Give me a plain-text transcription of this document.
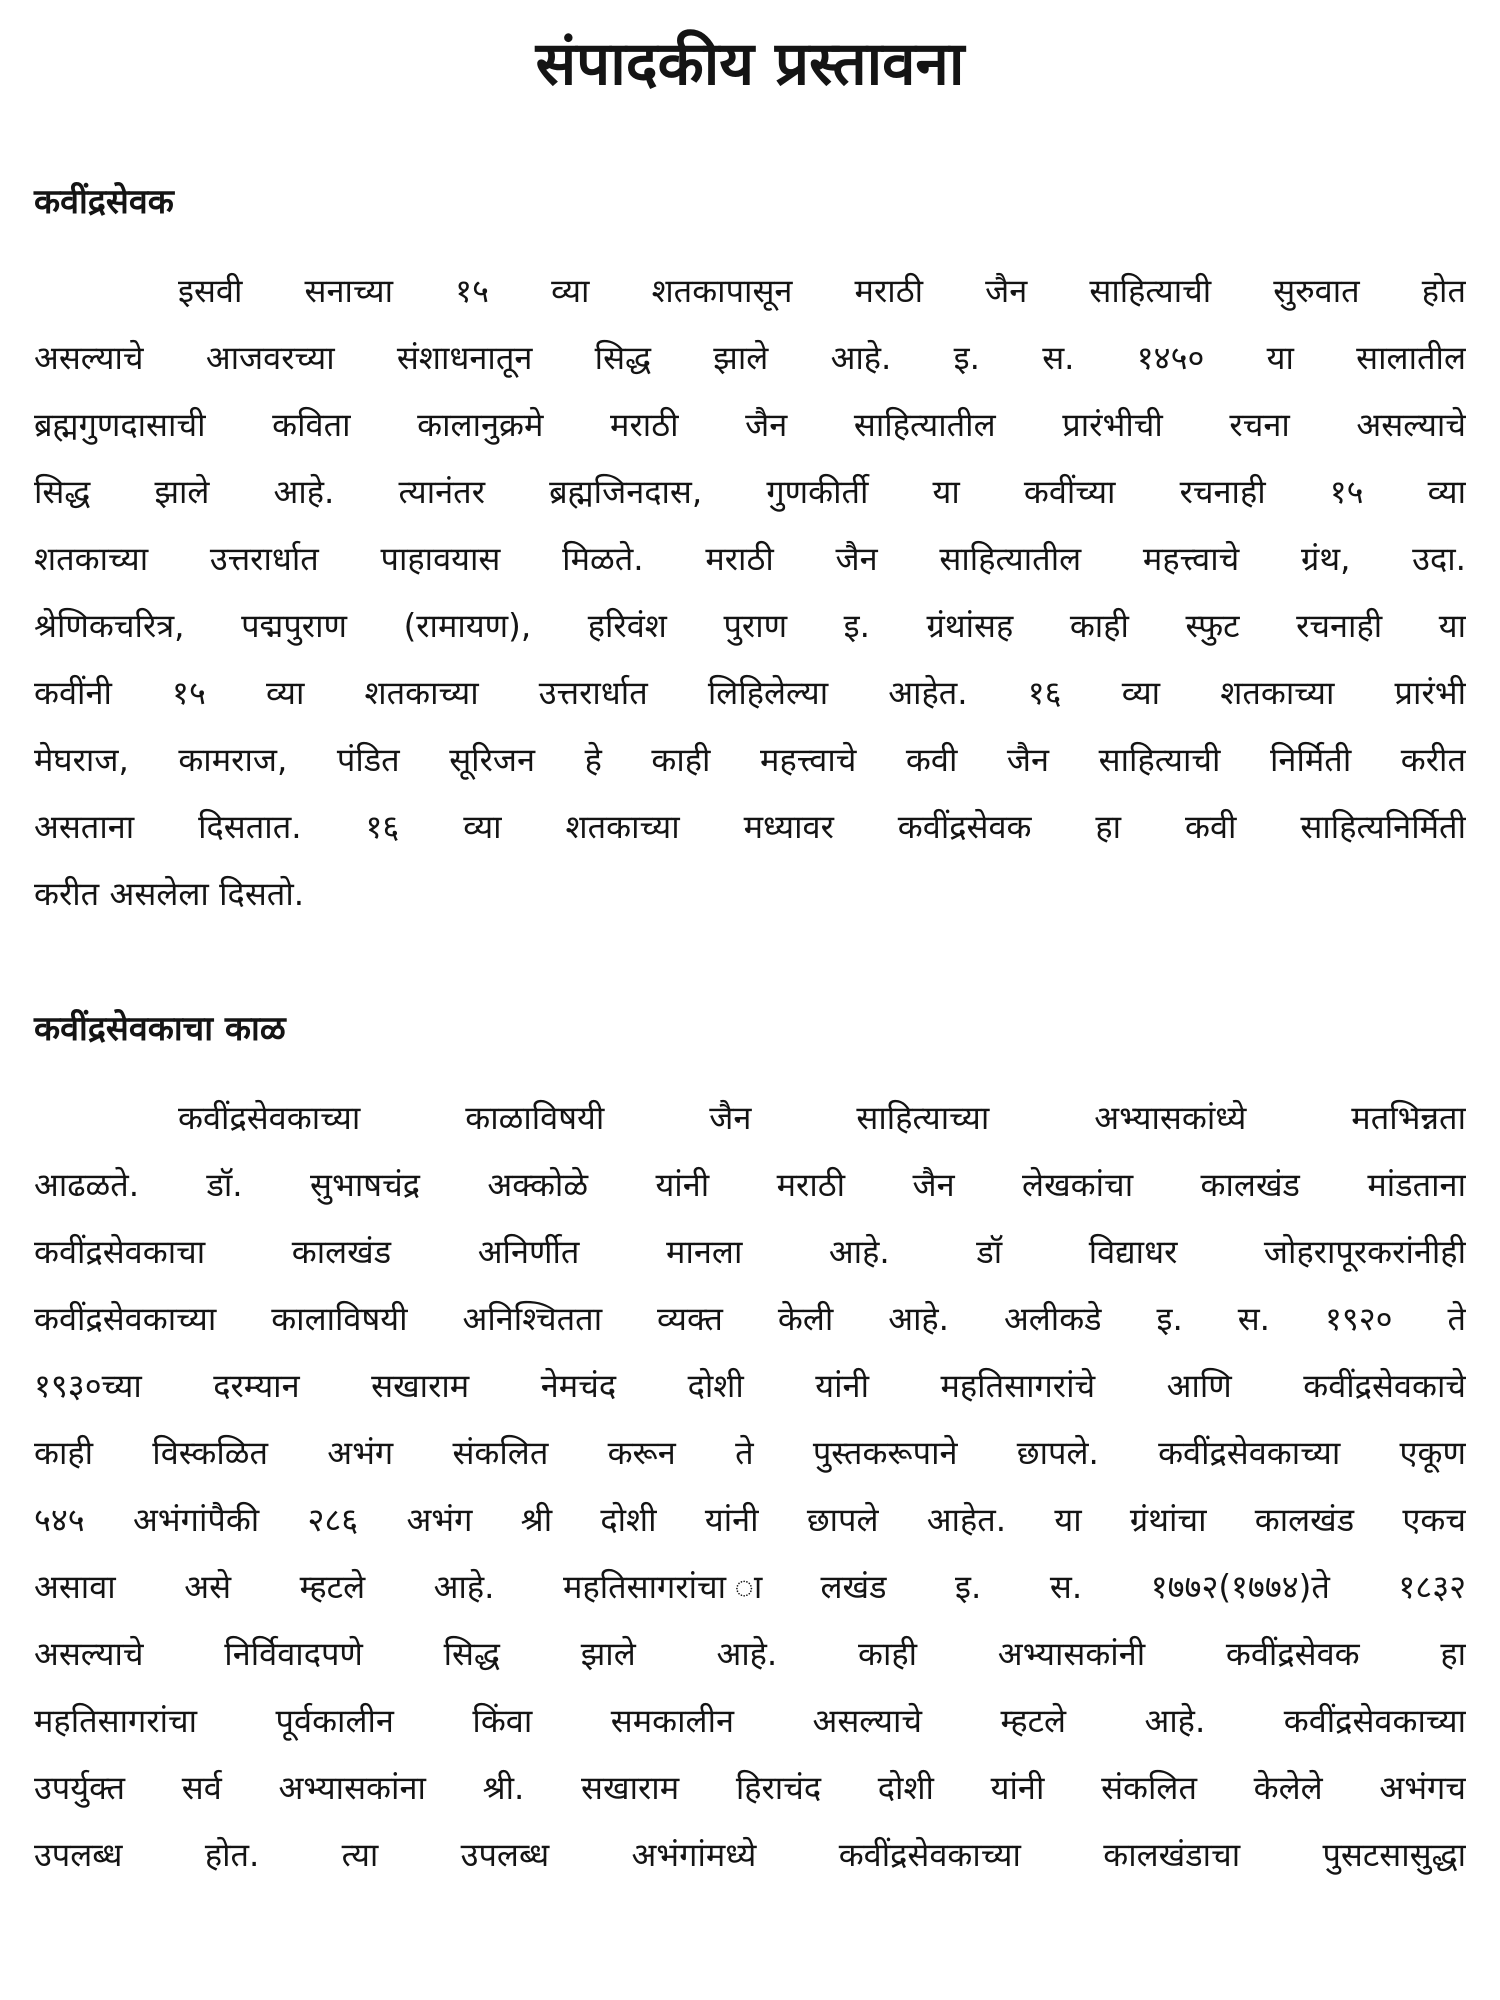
संपादकीय प्रस्तावना
कवींद्रसेवक

इसवी सनाच्या १५ व्या शतकापासून मराठी जैन साहित्याची सुरुवात होत
असल्याचे आजवरच्या संशाधनातून सिद्ध झाले आहे. इ. स. १४५० या सालातील
ब्रह्मगुणदासाची कविता कालानुक्रमे मराठी जैन साहित्यातील प्रारंभीची रचना असल्याचे
सिद्ध झाले आहे. त्यानंतर ब्रह्मजिनदास, गुणकीर्ती या कवींच्या रचनाही १५ व्या
शतकाच्या उत्तरार्धात पाहावयास मिळते. मराठी जैन साहित्यातील महत्त्वाचे ग्रंथ, उदा.
श्रेणिकचरित्र, पद्मपुराण (रामायण), हरिवंश पुराण इ. ग्रंथांसह काही स्फुट रचनाही या
कवींनी १५ व्या शतकाच्या उत्तरार्धात लिहिलेल्या आहेत. १६ व्या शतकाच्या प्रारंभी
मेघराज, कामराज, पंडित सूरिजन हे काही महत्त्वाचे कवी जैन साहित्याची निर्मिती करीत
असताना दिसतात. १६ व्या शतकाच्या मध्यावर कवींद्रसेवक हा कवी साहित्यनिर्मिती
करीत असलेला दिसतो.

कवींद्रसेवकाचा काळ

कवींद्रसेवकाच्या काळाविषयी जैन साहित्याच्या अभ्यासकांध्ये मतभिन्नता
आढळते. डॉ. सुभाषचंद्र अक्कोळे यांनी मराठी जैन लेखकांचा कालखंड मांडताना
कवींद्रसेवकाचा कालखंड अनिर्णीत मानला आहे. डॉ विद्याधर जोहरापूरकरांनीही
कवींद्रसेवकाच्या कालाविषयी अनिश्चितता व्यक्त केली आहे. अलीकडे इ. स. १९२० ते
१९३०च्या दरम्यान सखाराम नेमचंद दोशी यांनी महतिसागरांचे आणि कवींद्रसेवकाचे
काही विस्कळित अभंग संकलित करून ते पुस्तकरूपाने छापले. कवींद्रसेवकाच्या एकूण
५४५ अभंगांपैकी २८६ अभंग श्री दोशी यांनी छापले आहेत. या ग्रंथांचा कालखंड एकच
असावा असे म्हटले आहे. महतिसागरांचा ालखंड इ. स. १७७२(१७७४)ते १८३२
असल्याचे निर्विवादपणे सिद्ध झाले आहे. काही अभ्यासकांनी कवींद्रसेवक हा
महतिसागरांचा पूर्वकालीन किंवा समकालीन असल्याचे म्हटले आहे. कवींद्रसेवकाच्या
उपर्युक्त सर्व अभ्यासकांना श्री. सखाराम हिराचंद दोशी यांनी संकलित केलेले अभंगच
उपलब्ध होत. त्या उपलब्ध अभंगांमध्ये कवींद्रसेवकाच्या कालखंडाचा पुसटसासुद्धा
